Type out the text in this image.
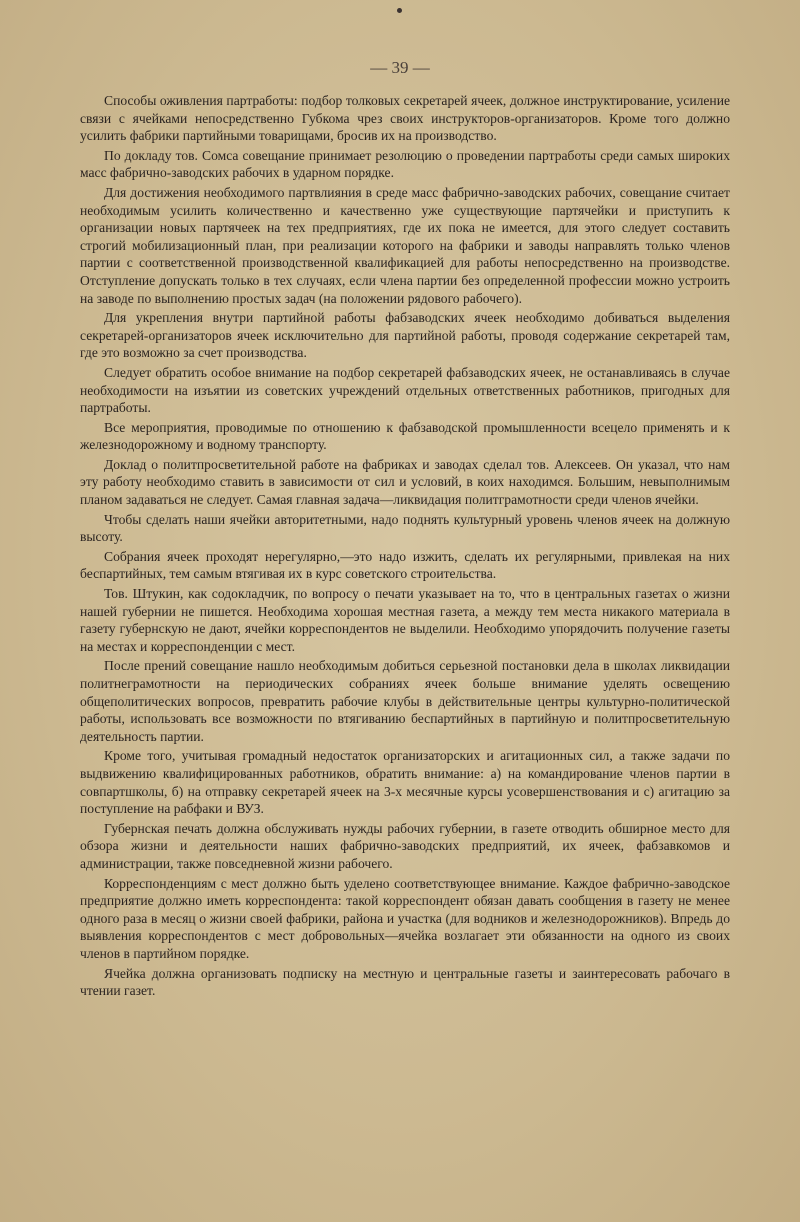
— 39 —

Способы оживления партработы: подбор толковых секретарей ячеек, должное инструктирование, усиление связи с ячейками непосредственно Губкома чрез своих инструкторов-организаторов. Кроме того должно усилить фабрики партийными товарищами, бросив их на производство.

По докладу тов. Сомса совещание принимает резолюцию о проведении партработы среди самых широких масс фабрично-заводских рабочих в ударном порядке.

Для достижения необходимого партвлияния в среде масс фабрично-заводских рабочих, совещание считает необходимым усилить количественно и качественно уже существующие партячейки и приступить к организации новых партячеек на тех предприятиях, где их пока не имеется, для этого следует составить строгий мобилизационный план, при реализации которого на фабрики и заводы направлять только членов партии с соответственной производственной квалификацией для работы непосредственно на производстве. Отступление допускать только в тех случаях, если члена партии без определенной профессии можно устроить на заводе по выполнению простых задач (на положении рядового рабочего).

Для укрепления внутри партийной работы фабзаводских ячеек необходимо добиваться выделения секретарей-организаторов ячеек исключительно для партийной работы, проводя содержание секретарей там, где это возможно за счет производства.

Следует обратить особое внимание на подбор секретарей фабзаводских ячеек, не останавливаясь в случае необходимости на изъятии из советских учреждений отдельных ответственных работников, пригодных для партработы.

Все мероприятия, проводимые по отношению к фабзаводской промышленности всецело применять и к железнодорожному и водному транспорту.

Доклад о политпросветительной работе на фабриках и заводах сделал тов. Алексеев. Он указал, что нам эту работу необходимо ставить в зависимости от сил и условий, в коих находимся. Большим, невыполнимым планом задаваться не следует. Самая главная задача—ликвидация политграмотности среди членов ячейки.

Чтобы сделать наши ячейки авторитетными, надо поднять культурный уровень членов ячеек на должную высоту.

Собрания ячеек проходят нерегулярно,—это надо изжить, сделать их регулярными, привлекая на них беспартийных, тем самым втягивая их в курс советского строительства.

Тов. Штукин, как содокладчик, по вопросу о печати указывает на то, что в центральных газетах о жизни нашей губернии не пишется. Необходима хорошая местная газета, а между тем места никакого материала в газету губернскую не дают, ячейки корреспондентов не выделили. Необходимо упорядочить получение газеты на местах и корреспонденции с мест.

После прений совещание нашло необходимым добиться серьезной постановки дела в школах ликвидации политнеграмотности на периодических собраниях ячеек больше внимание уделять освещению общеполитических вопросов, превратить рабочие клубы в действительные центры культурно-политической работы, использовать все возможности по втягиванию беспартийных в партийную и политпросветительную деятельность партии.

Кроме того, учитывая громадный недостаток организаторских и агитационных сил, а также задачи по выдвижению квалифицированных работников, обратить внимание: а) на командирование членов партии в совпартшколы, б) на отправку секретарей ячеек на 3-х месячные курсы усовершенствования и с) агитацию за поступление на рабфаки и ВУЗ.

Губернская печать должна обслуживать нужды рабочих губернии, в газете отводить обширное место для обзора жизни и деятельности наших фабрично-заводских предприятий, их ячеек, фабзавкомов и администрации, также повседневной жизни рабочего.

Корреспонденциям с мест должно быть уделено соответствующее внимание. Каждое фабрично-заводское предприятие должно иметь корреспондента: такой корреспондент обязан давать сообщения в газету не менее одного раза в месяц о жизни своей фабрики, района и участка (для водников и железнодорожников). Впредь до выявления корреспондентов с мест добровольных—ячейка возлагает эти обязанности на одного из своих членов в партийном порядке.

Ячейка должна организовать подписку на местную и центральные газеты и заинтересовать рабочаго в чтении газет.
